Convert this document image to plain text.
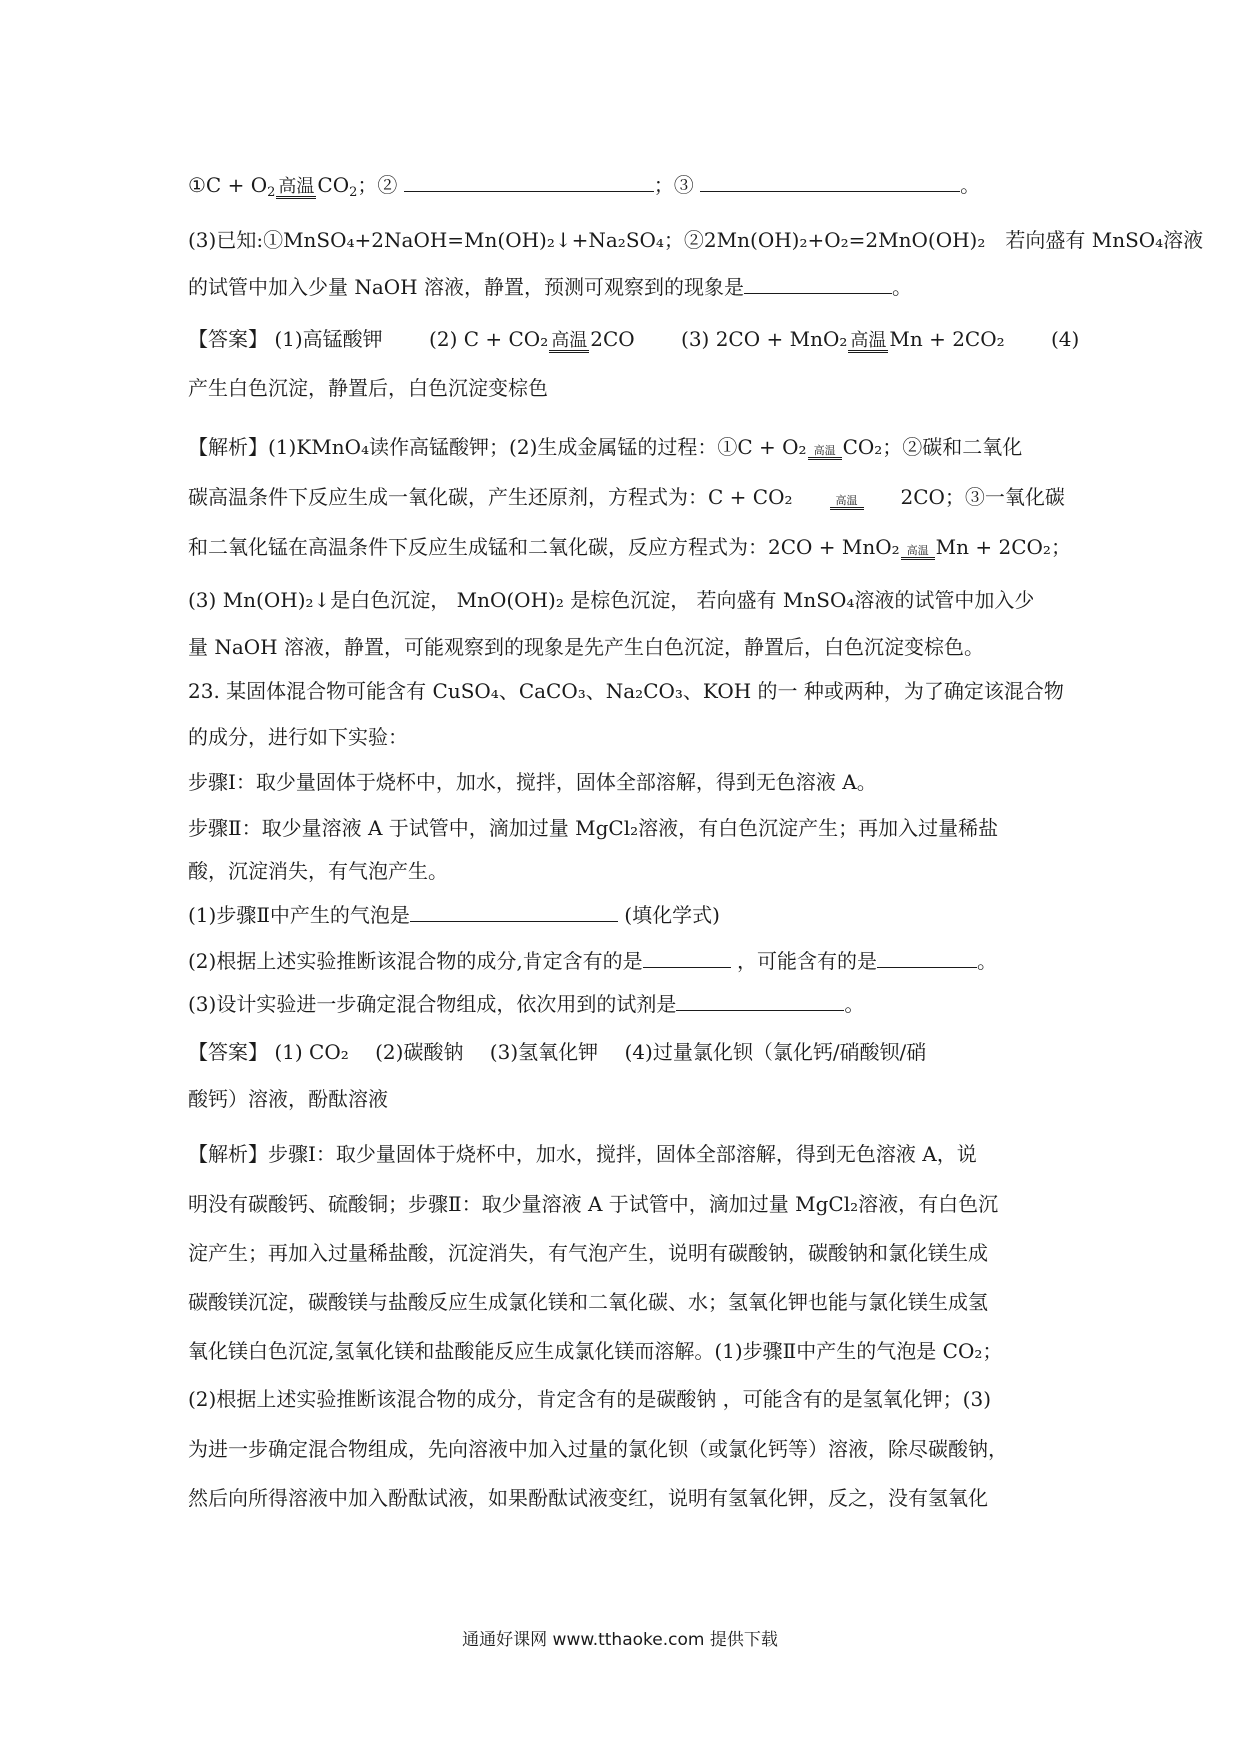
①C + $O_2$ 高温 $CO_2$；②	；③	。
(3)已知:①MnSO₄+2NaOH=Mn(OH)₂↓+Na₂SO₄；②2Mn(OH)₂+O₂=2MnO(OH)₂　若向盛有 MnSO₄溶液
的试管中加入少量 NaOH 溶液，静置，预测可观察到的现象是	。
【答案】 (1)高锰酸钾　　 (2) C + CO₂ 高温 2CO　　 (3) 2CO + MnO₂ 高温 Mn + 2CO₂　　 (4)
产生白色沉淀，静置后，白色沉淀变棕色
【解析】(1)KMnO₄读作高锰酸钾；(2)生成金属锰的过程：①C + O₂ 高温 CO₂；②碳和二氧化
碳高温条件下反应生成一氧化碳，产生还原剂，方程式为：C + CO₂	高温 2CO；③一氧化碳
和二氧化锰在高温条件下反应生成锰和二氧化碳，反应方程式为：2CO + MnO₂ 高温 Mn + 2CO₂；
(3) Mn(OH)₂↓是白色沉淀， MnO(OH)₂ 是棕色沉淀， 若向盛有 MnSO₄溶液的试管中加入少
量 NaOH 溶液，静置，可能观察到的现象是先产生白色沉淀，静置后，白色沉淀变棕色。
23. 某固体混合物可能含有 CuSO₄、CaCO₃、Na₂CO₃、KOH 的一 种或两种，为了确定该混合物
的成分，进行如下实验：
步骤Ⅰ：取少量固体于烧杯中，加水，搅拌，固体全部溶解，得到无色溶液 A。
步骤Ⅱ：取少量溶液 A 于试管中，滴加过量 MgCl₂溶液，有白色沉淀产生；再加入过量稀盐
酸，沉淀消失，有气泡产生。
(1)步骤Ⅱ中产生的气泡是	(填化学式)
(2)根据上述实验推断该混合物的成分,肯定含有的是	，可能含有的是	。
(3)设计实验进一步确定混合物组成，依次用到的试剂是	。
【答案】 (1) CO₂　 (2)碳酸钠　 (3)氢氧化钾　 (4)过量氯化钡（氯化钙/硝酸钡/硝
酸钙）溶液，酚酞溶液
【解析】步骤Ⅰ：取少量固体于烧杯中，加水，搅拌，固体全部溶解，得到无色溶液 A，说
明没有碳酸钙、硫酸铜；步骤Ⅱ：取少量溶液 A 于试管中，滴加过量 MgCl₂溶液，有白色沉
淀产生；再加入过量稀盐酸，沉淀消失，有气泡产生，说明有碳酸钠，碳酸钠和氯化镁生成
碳酸镁沉淀，碳酸镁与盐酸反应生成氯化镁和二氧化碳、水；氢氧化钾也能与氯化镁生成氢
氧化镁白色沉淀,氢氧化镁和盐酸能反应生成氯化镁而溶解。(1)步骤Ⅱ中产生的气泡是 CO₂；
(2)根据上述实验推断该混合物的成分，肯定含有的是碳酸钠 ，可能含有的是氢氧化钾；(3)
为进一步确定混合物组成，先向溶液中加入过量的氯化钡（或氯化钙等）溶液，除尽碳酸钠，
然后向所得溶液中加入酚酞试液，如果酚酞试液变红，说明有氢氧化钾，反之，没有氢氧化
通通好课网 www.tthaoke.com 提供下载
